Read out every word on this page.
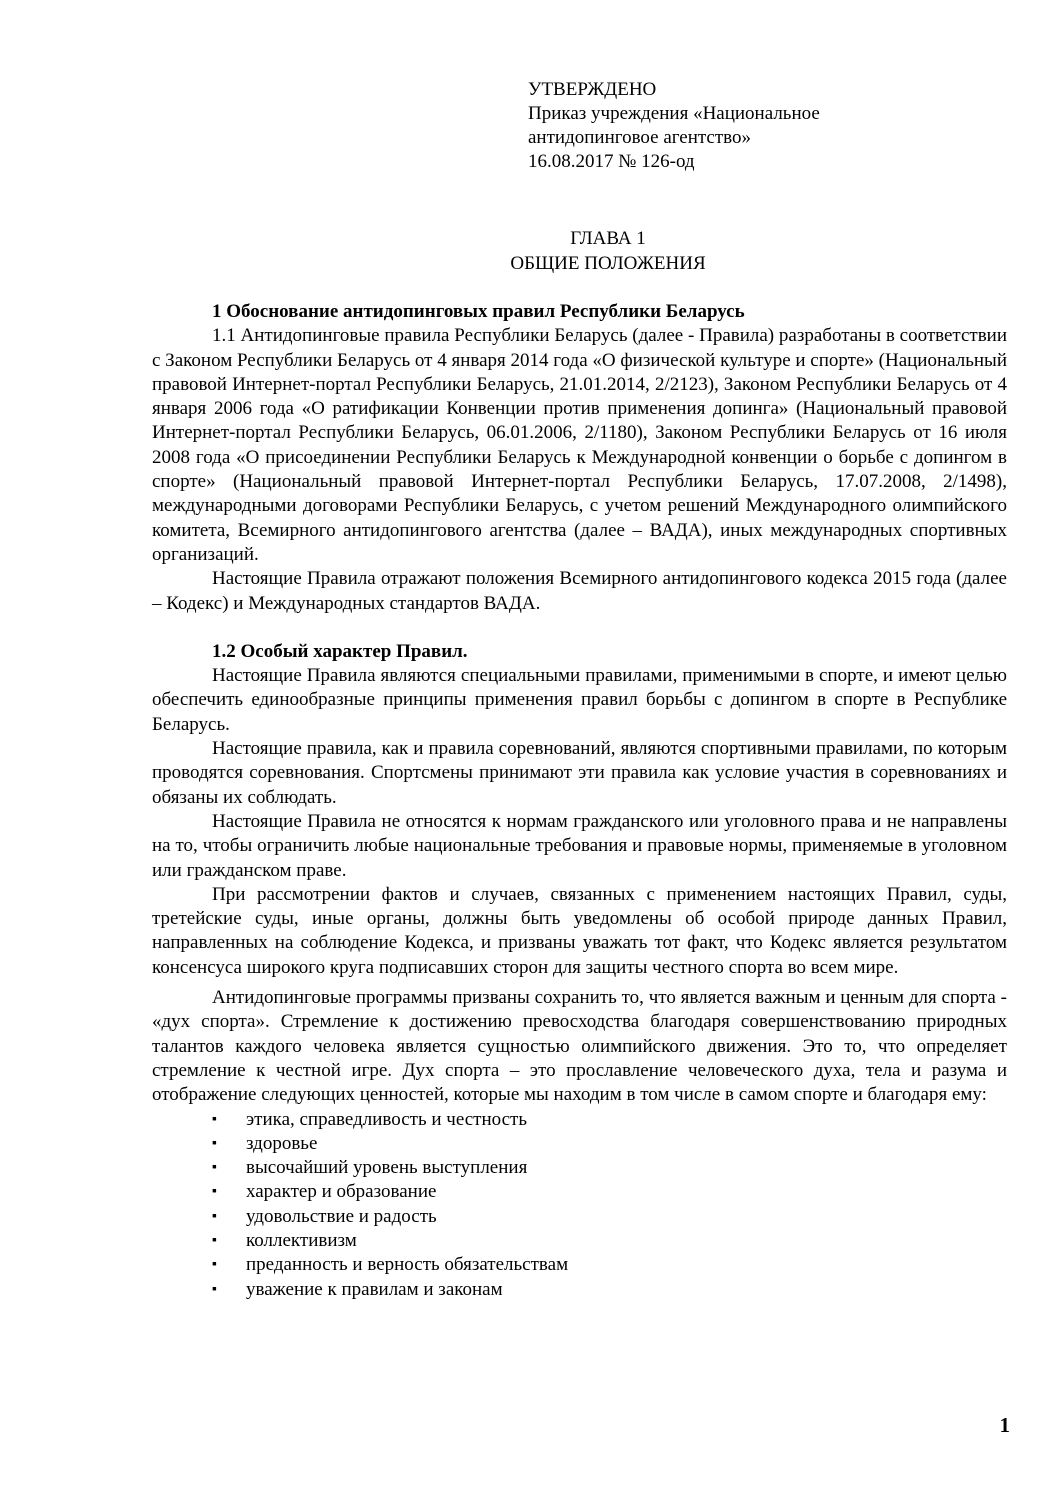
УТВЕРЖДЕНО
Приказ учреждения «Национальное
антидопинговое агентство»
16.08.2017 № 126-од
ГЛАВА 1
ОБЩИЕ ПОЛОЖЕНИЯ

1 Обоснование антидопинговых правил Республики Беларусь

1.1 Антидопинговые правила Республики Беларусь (далее - Правила) разработаны в соответствии с Законом Республики Беларусь от 4 января 2014 года «О физической культуре и спорте» (Национальный правовой Интернет-портал Республики Беларусь, 21.01.2014, 2/2123), Законом Республики Беларусь от 4 января 2006 года «О ратификации Конвенции против применения допинга» (Национальный правовой Интернет-портал Республики Беларусь, 06.01.2006, 2/1180), Законом Республики Беларусь от 16 июля 2008 года «О присоединении Республики Беларусь к Международной конвенции о борьбе с допингом в спорте» (Национальный правовой Интернет-портал Республики Беларусь, 17.07.2008, 2/1498), международными договорами Республики Беларусь, с учетом решений Международного олимпийского комитета, Всемирного антидопингового агентства (далее – ВАДА), иных международных спортивных организаций.

Настоящие Правила отражают положения Всемирного антидопингового кодекса 2015 года (далее – Кодекс) и Международных стандартов ВАДА.

1.2 Особый характер Правил.

Настоящие Правила являются специальными правилами, применимыми в спорте, и имеют целью обеспечить единообразные принципы применения правил борьбы с допингом в спорте в Республике Беларусь.

Настоящие правила, как и правила соревнований, являются спортивными правилами, по которым проводятся соревнования. Спортсмены принимают эти правила как условие участия в соревнованиях и обязаны их соблюдать.

Настоящие Правила не относятся к нормам гражданского или уголовного права и не направлены на то, чтобы ограничить любые национальные требования и правовые нормы, применяемые в уголовном или гражданском праве.

При рассмотрении фактов и случаев, связанных с применением настоящих Правил, суды, третейские суды, иные органы, должны быть уведомлены об особой природе данных Правил, направленных на соблюдение Кодекса, и призваны уважать тот факт, что Кодекс является результатом консенсуса широкого круга подписавших сторон для защиты честного спорта во всем мире.

Антидопинговые программы призваны сохранить то, что является важным и ценным для спорта - «дух спорта». Стремление к достижению превосходства благодаря совершенствованию природных талантов каждого человека является сущностью олимпийского движения. Это то, что определяет стремление к честной игре. Дух спорта – это прославление человеческого духа, тела и разума и отображение следующих ценностей, которые мы находим в том числе в самом спорте и благодаря ему:

▪ этика, справедливость и честность
▪ здоровье
▪ высочайший уровень выступления
▪ характер и образование
▪ удовольствие и радость
▪ коллективизм
▪ преданность и верность обязательствам
▪ уважение к правилам и законам
1
